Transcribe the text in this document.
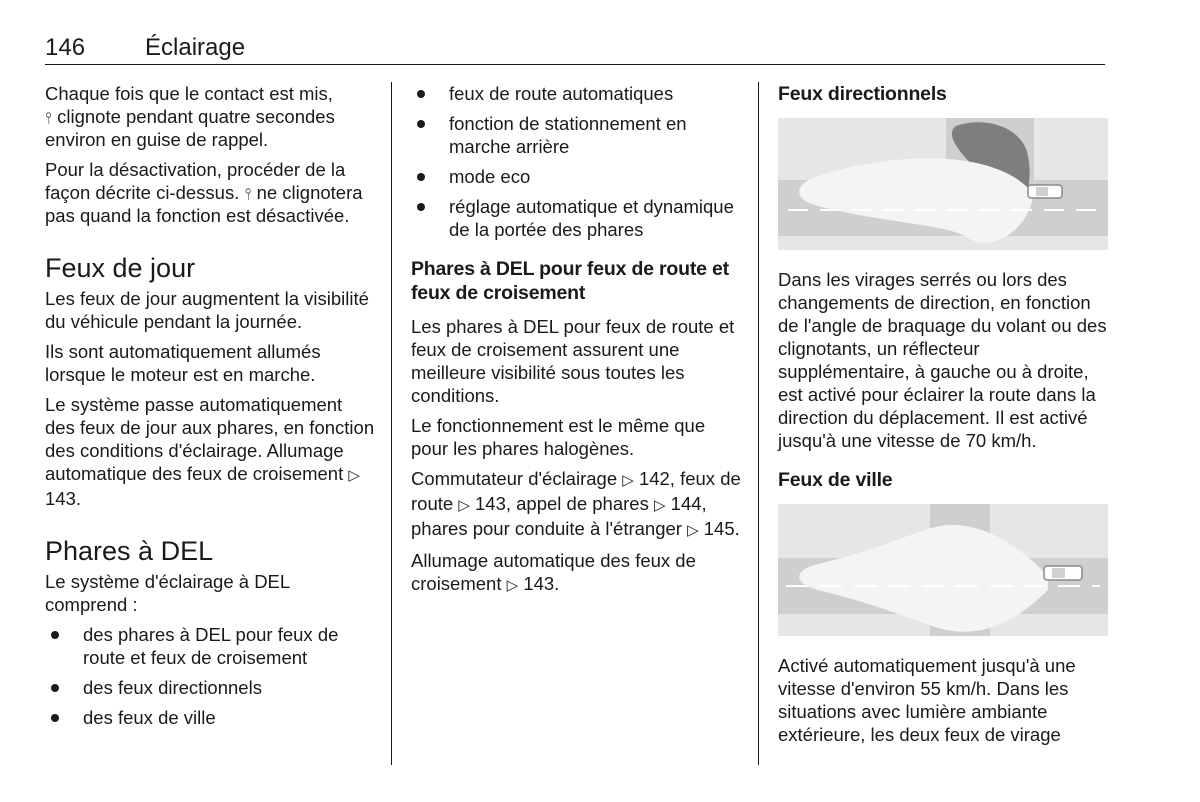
146 Éclairage

Chaque fois que le contact est mis,
⫯ clignote pendant quatre secondes environ en guise de rappel.

Pour la désactivation, procéder de la façon décrite ci-dessus. ⫯ ne clignotera pas quand la fonction est désactivée.

Feux de jour

Les feux de jour augmentent la visibilité du véhicule pendant la journée.

Ils sont automatiquement allumés lorsque le moteur est en marche.

Le système passe automatiquement des feux de jour aux phares, en fonction des conditions d'éclairage. Allumage automatique des feux de croisement ▷ 143.

Phares à DEL

Le système d'éclairage à DEL comprend :

des phares à DEL pour feux de route et feux de croisement
des feux directionnels
des feux de ville
feux de route automatiques
fonction de stationnement en marche arrière
mode eco
réglage automatique et dynamique de la portée des phares
Phares à DEL pour feux de route et feux de croisement

Les phares à DEL pour feux de route et feux de croisement assurent une meilleure visibilité sous toutes les conditions.

Le fonctionnement est le même que pour les phares halogènes.

Commutateur d'éclairage ▷ 142, feux de route ▷ 143, appel de phares ▷ 144, phares pour conduite à l'étranger ▷ 145.

Allumage automatique des feux de croisement ▷ 143.

Feux directionnels

Dans les virages serrés ou lors des changements de direction, en fonction de l'angle de braquage du volant ou des clignotants, un réflecteur supplémentaire, à gauche ou à droite, est activé pour éclairer la route dans la direction du déplacement. Il est activé jusqu'à une vitesse de 70 km/h.

Feux de ville

Activé automatiquement jusqu'à une vitesse d'environ 55 km/h. Dans les situations avec lumière ambiante extérieure, les deux feux de virage
